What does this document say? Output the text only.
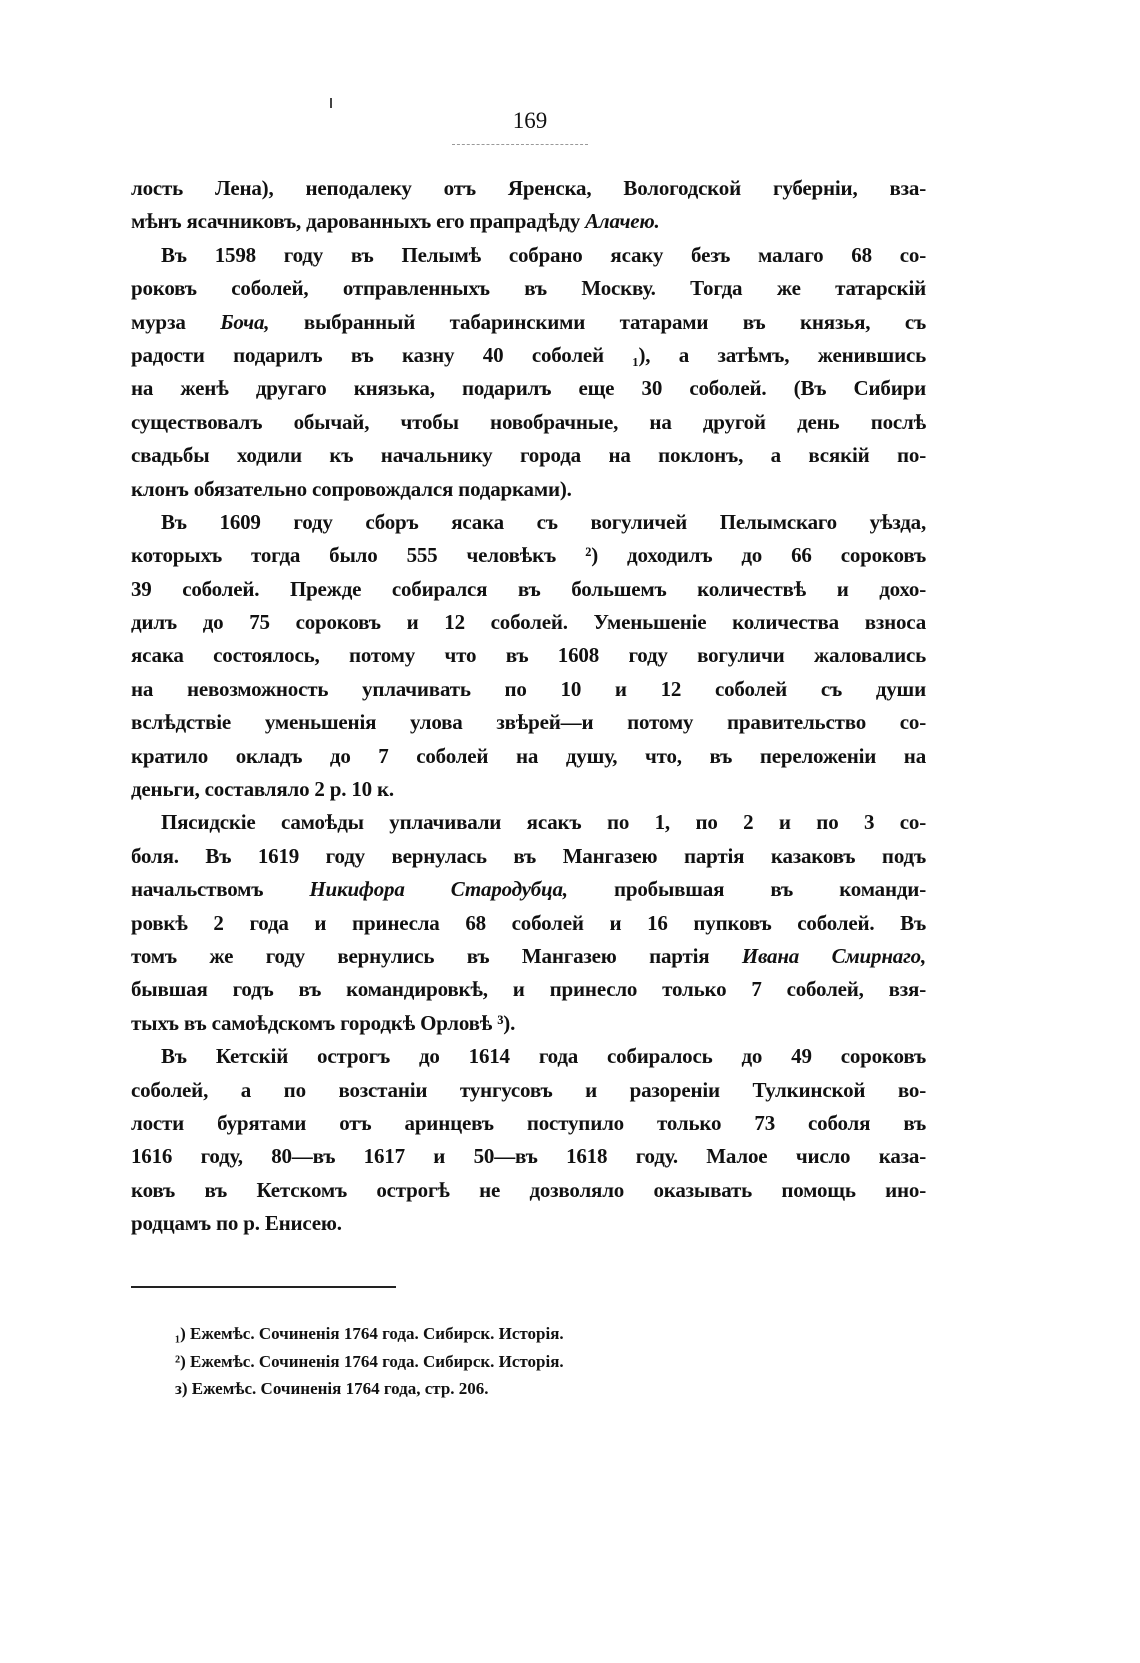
169
лость Лена), неподалеку отъ Яренска, Вологодской губерніи, вза-
мѣнъ ясачниковъ, дарованныхъ его прапрадѣду Алачею.
Въ 1598 году въ Пелымѣ собрано ясаку безъ малаго 68 со-
роковъ соболей, отправленныхъ въ Москву. Тогда же татарскій
мурза Боча, выбранный табаринскими татарами въ князья, съ
радости подарилъ въ казну 40 соболей ₁), а затѣмъ, женившись
на женѣ другаго князька, подарилъ еще 30 соболей. (Въ Сибири
существовалъ обычай, чтобы новобрачные, на другой день послѣ
свадьбы ходили къ начальнику города на поклонъ, а всякій по-
клонъ обязательно сопровождался подарками).
Въ 1609 году сборъ ясака съ вогуличей Пелымскаго уѣзда,
которыхъ тогда было 555 человѣкъ ²) доходилъ до 66 сороковъ
39 соболей. Прежде собирался въ большемъ количествѣ и дохо-
дилъ до 75 сороковъ и 12 соболей. Уменьшеніе количества взноса
ясака состоялось, потому что въ 1608 году вогуличи жаловались
на невозможность уплачивать по 10 и 12 соболей съ души
вслѣдствіе уменьшенія улова звѣрей—и потому правительство со-
кратило окладъ до 7 соболей на душу, что, въ переложеніи на
деньги, составляло 2 р. 10 к.
Пясидскіе самоѣды уплачивали ясакъ по 1, по 2 и по 3 со-
боля. Въ 1619 году вернулась въ Мангазею партія казаковъ подъ
начальствомъ Никифора Стародубца, пробывшая въ команди-
ровкѣ 2 года и принесла 68 соболей и 16 пупковъ соболей. Въ
томъ же году вернулись въ Мангазею партія Ивана Смирнаго,
бывшая годъ въ командировкѣ, и принесло только 7 соболей, взя-
тыхъ въ самоѣдскомъ городкѣ Орловѣ ³).
Въ Кетскій острогъ до 1614 года собиралось до 49 сороковъ
соболей, а по возстаніи тунгусовъ и разореніи Тулкинской во-
лости бурятами отъ аринцевъ поступило только 73 соболя въ
1616 году, 80—въ 1617 и 50—въ 1618 году. Малое число каза-
ковъ въ Кетскомъ острогѣ не дозволяло оказывать помощь ино-
родцамъ по р. Енисею.
₁) Ежемѣс. Сочиненія 1764 года. Сибирск. Исторія.
²) Ежемѣс. Сочиненія 1764 года. Сибирск. Исторія.
з) Ежемѣс. Сочиненія 1764 года, стр. 206.
